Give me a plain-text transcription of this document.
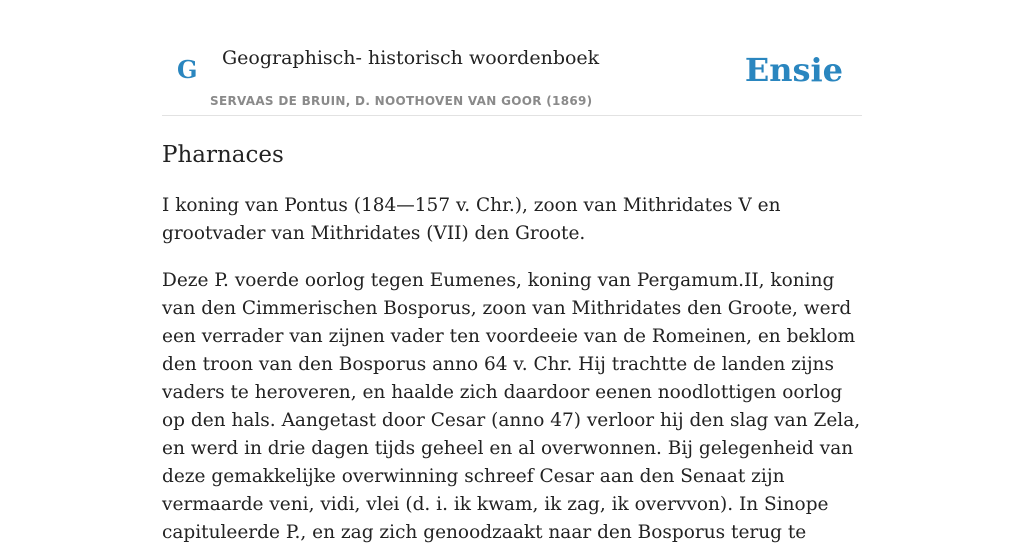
G Geographisch- historisch woordenboek
SERVAAS DE BRUIN, D. NOOTHOVEN VAN GOOR (1869)
Ensie
Pharnaces

I koning van Pontus (184—157 v. Chr.), zoon van Mithridates V en grootvader van Mithridates (VII) den Groote.

Deze P. voerde oorlog tegen Eumenes, koning van Pergamum.II, koning van den Cimmerischen Bosporus, zoon van Mithridates den Groote, werd een verrader van zijnen vader ten voordeeie van de Romeinen, en beklom den troon van den Bosporus anno 64 v. Chr. Hij trachtte de landen zijns vaders te heroveren, en haalde zich daardoor eenen noodlottigen oorlog op den hals. Aangetast door Cesar (anno 47) verloor hij den slag van Zela, en werd in drie dagen tijds geheel en al overwonnen. Bij gelegenheid van deze gemakkelijke overwinning schreef Cesar aan den Senaat zijn vermaarde veni, vidi, vlei (d. i. ik kwam, ik zag, ik overvvon). In Sinope capituleerde P., en zag zich genoodzaakt naar den Bosporus terug te
